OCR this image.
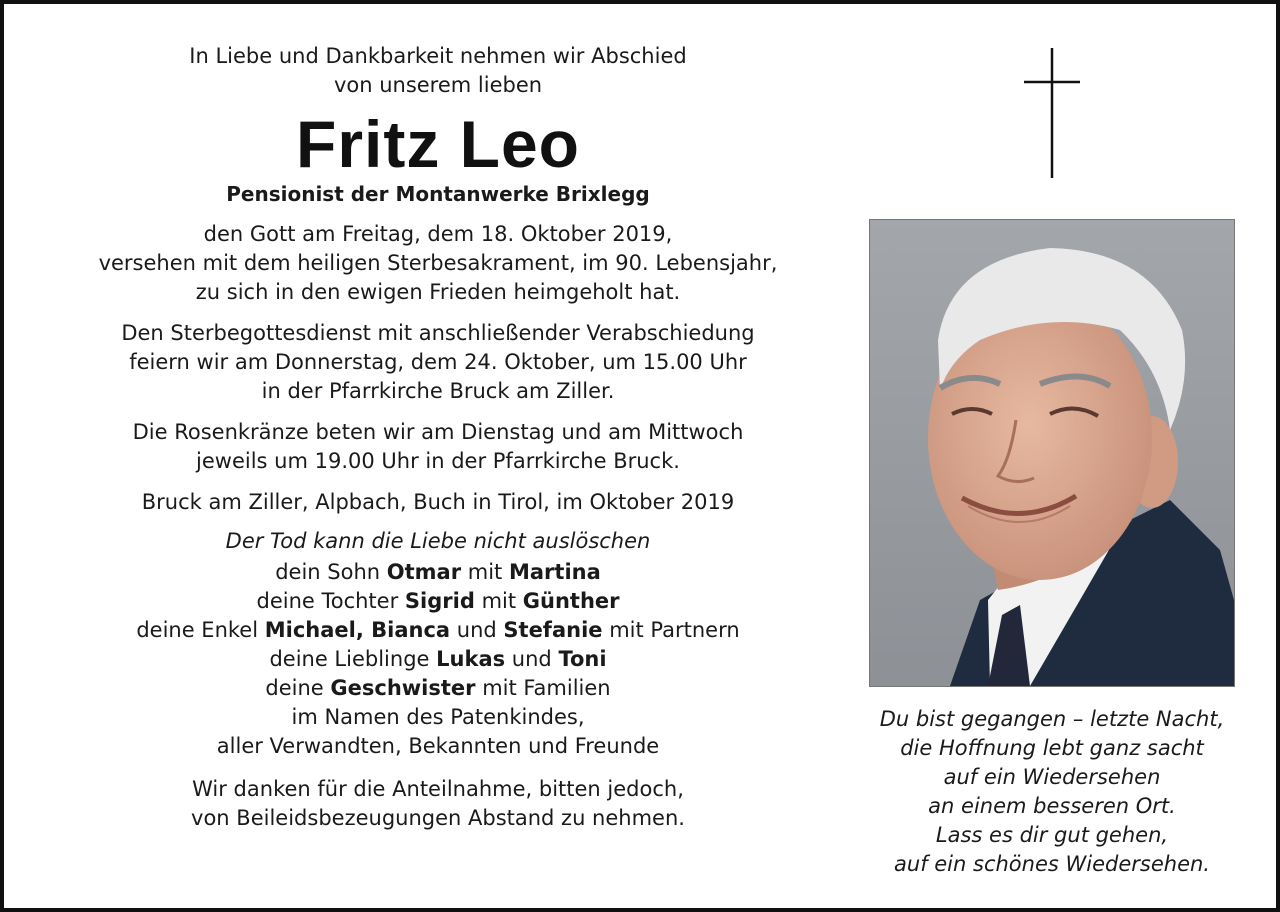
In Liebe und Dankbarkeit nehmen wir Abschied
von unserem lieben

Fritz Leo

Pensionist der Montanwerke Brixlegg

den Gott am Freitag, dem 18. Oktober 2019,
versehen mit dem heiligen Sterbesakrament, im 90. Lebensjahr,
zu sich in den ewigen Frieden heimgeholt hat.

Den Sterbegottesdienst mit anschließender Verabschiedung
feiern wir am Donnerstag, dem 24. Oktober, um 15.00 Uhr
in der Pfarrkirche Bruck am Ziller.

Die Rosenkränze beten wir am Dienstag und am Mittwoch
jeweils um 19.00 Uhr in der Pfarrkirche Bruck.

Bruck am Ziller, Alpbach, Buch in Tirol, im Oktober 2019

Der Tod kann die Liebe nicht auslöschen

dein Sohn Otmar mit Martina

deine Tochter Sigrid mit Günther

deine Enkel Michael, Bianca und Stefanie mit Partnern

deine Lieblinge Lukas und Toni

deine Geschwister mit Familien

im Namen des Patenkindes,

aller Verwandten, Bekannten und Freunde

Wir danken für die Anteilnahme, bitten jedoch,
von Beileidsbezeugungen Abstand zu nehmen.

Du bist gegangen – letzte Nacht,

die Hoffnung lebt ganz sacht

auf ein Wiedersehen

an einem besseren Ort.

Lass es dir gut gehen,

auf ein schönes Wiedersehen.
